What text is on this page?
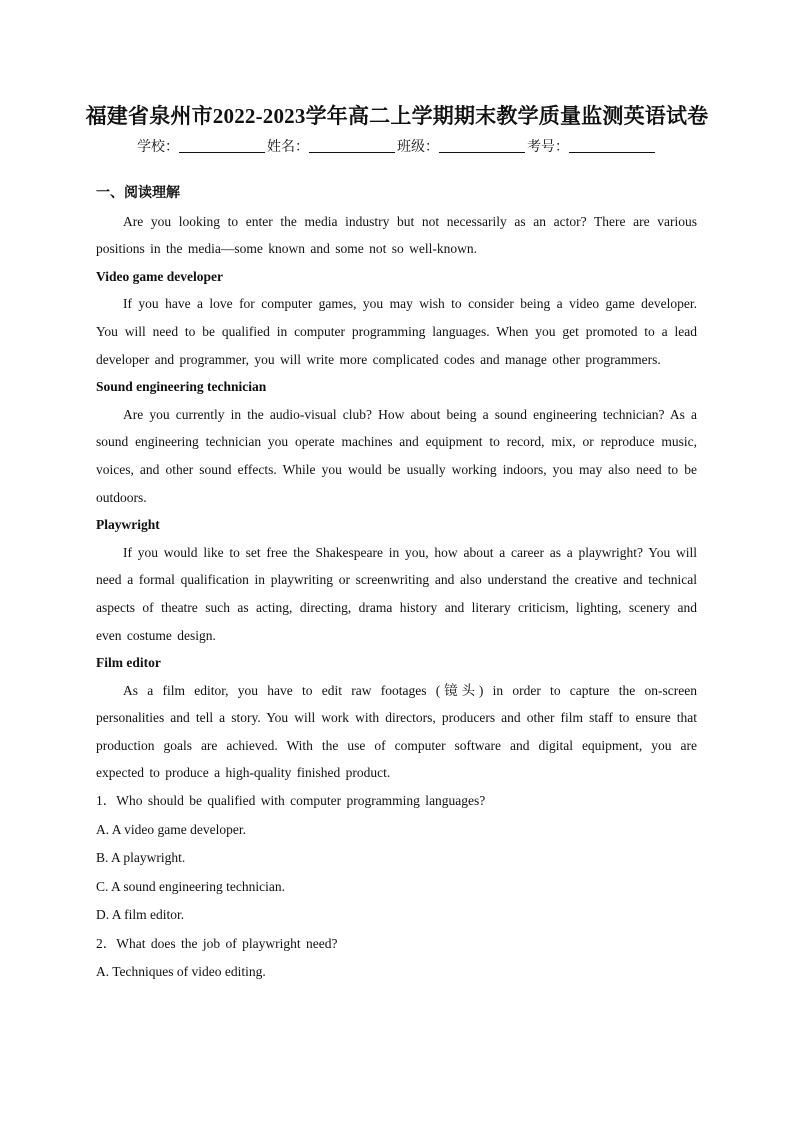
福建省泉州市2022-2023学年高二上学期期末教学质量监测英语试卷
学校：	姓名：	班级：	考号：

一、阅读理解

Are you looking to enter the media industry but not necessarily as an actor? There are various positions in the media—some known and some not so well-known.

Video game developer

If you have a love for computer games, you may wish to consider being a video game developer. You will need to be qualified in computer programming languages. When you get promoted to a lead developer and programmer, you will write more complicated codes and manage other programmers.

Sound engineering technician

Are you currently in the audio-visual club? How about being a sound engineering technician? As a sound engineering technician you operate machines and equipment to record, mix, or reproduce music, voices, and other sound effects. While you would be usually working indoors, you may also need to be outdoors.

Playwright

If you would like to set free the Shakespeare in you, how about a career as a playwright? You will need a formal qualification in playwriting or screenwriting and also understand the creative and technical aspects of theatre such as acting, directing, drama history and literary criticism, lighting, scenery and even costume design.

Film editor

As a film editor, you have to edit raw footages (镜头) in order to capture the on-screen personalities and tell a story. You will work with directors, producers and other film staff to ensure that production goals are achieved. With the use of computer software and digital equipment, you are expected to produce a high-quality finished product.

1．Who should be qualified with computer programming languages?

A. A video game developer.

B. A playwright.

C. A sound engineering technician.

D. A film editor.

2．What does the job of playwright need?

A. Techniques of video editing.
